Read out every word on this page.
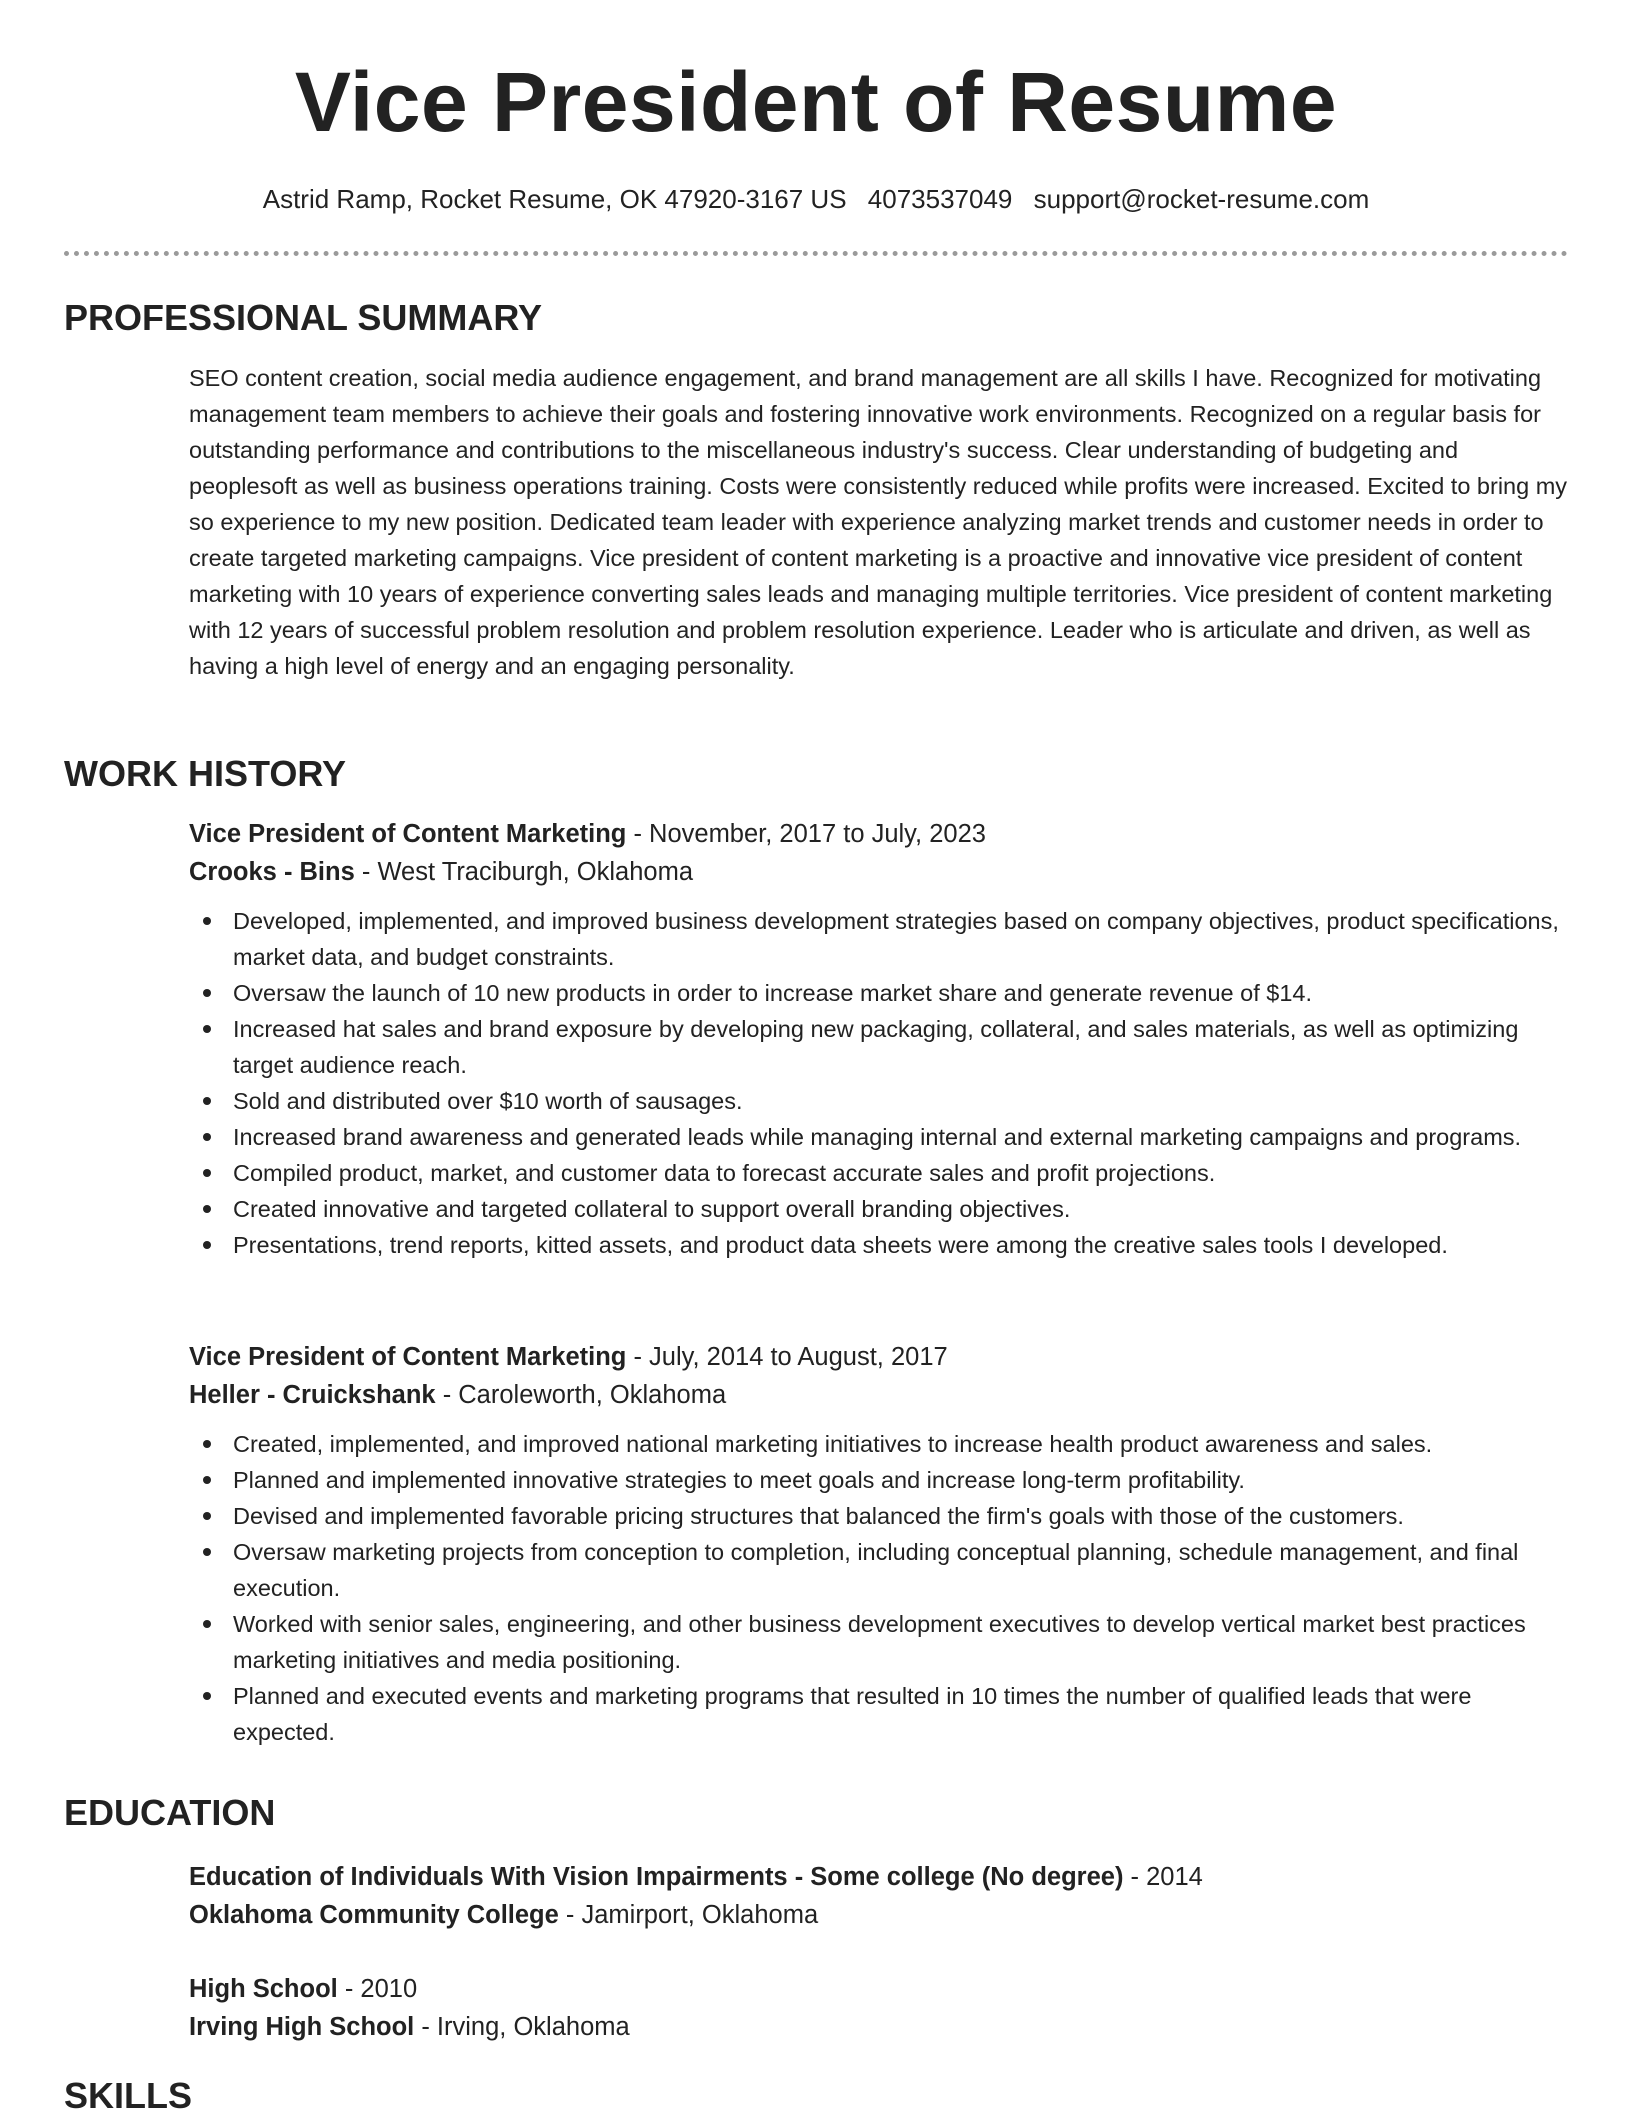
Vice President of Resume
Astrid Ramp, Rocket Resume, OK 47920-3167 US 4073537049 support@rocket-resume.com
PROFESSIONAL SUMMARY
SEO content creation, social media audience engagement, and brand management are all skills I have. Recognized for motivating management team members to achieve their goals and fostering innovative work environments. Recognized on a regular basis for outstanding performance and contributions to the miscellaneous industry's success. Clear understanding of budgeting and peoplesoft as well as business operations training. Costs were consistently reduced while profits were increased. Excited to bring my so experience to my new position. Dedicated team leader with experience analyzing market trends and customer needs in order to create targeted marketing campaigns. Vice president of content marketing is a proactive and innovative vice president of content marketing with 10 years of experience converting sales leads and managing multiple territories. Vice president of content marketing with 12 years of successful problem resolution and problem resolution experience. Leader who is articulate and driven, as well as having a high level of energy and an engaging personality.
WORK HISTORY
Vice President of Content Marketing - November, 2017 to July, 2023
Crooks - Bins - West Traciburgh, Oklahoma
Developed, implemented, and improved business development strategies based on company objectives, product specifications, market data, and budget constraints.
Oversaw the launch of 10 new products in order to increase market share and generate revenue of $14.
Increased hat sales and brand exposure by developing new packaging, collateral, and sales materials, as well as optimizing target audience reach.
Sold and distributed over $10 worth of sausages.
Increased brand awareness and generated leads while managing internal and external marketing campaigns and programs.
Compiled product, market, and customer data to forecast accurate sales and profit projections.
Created innovative and targeted collateral to support overall branding objectives.
Presentations, trend reports, kitted assets, and product data sheets were among the creative sales tools I developed.
Vice President of Content Marketing - July, 2014 to August, 2017
Heller - Cruickshank - Caroleworth, Oklahoma
Created, implemented, and improved national marketing initiatives to increase health product awareness and sales.
Planned and implemented innovative strategies to meet goals and increase long-term profitability.
Devised and implemented favorable pricing structures that balanced the firm's goals with those of the customers.
Oversaw marketing projects from conception to completion, including conceptual planning, schedule management, and final execution.
Worked with senior sales, engineering, and other business development executives to develop vertical market best practices marketing initiatives and media positioning.
Planned and executed events and marketing programs that resulted in 10 times the number of qualified leads that were expected.
EDUCATION
Education of Individuals With Vision Impairments - Some college (No degree) - 2014
Oklahoma Community College - Jamirport, Oklahoma
High School - 2010
Irving High School - Irving, Oklahoma
SKILLS
